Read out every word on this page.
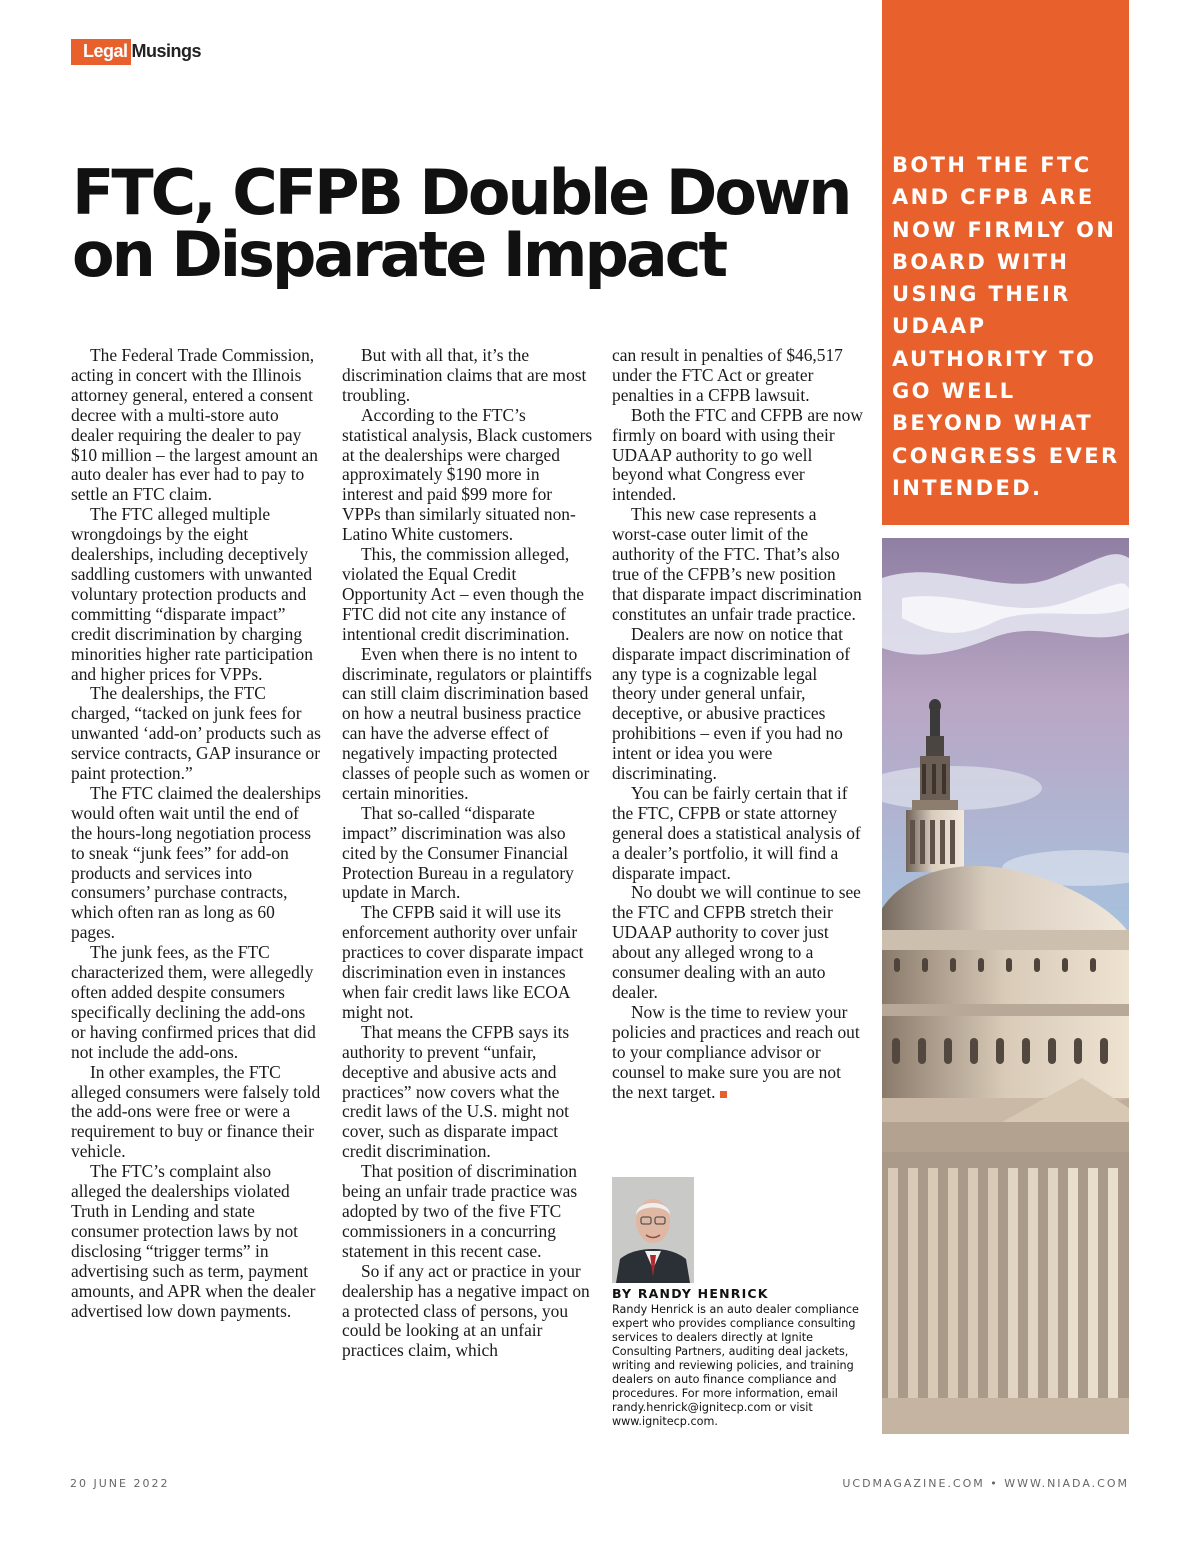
Legal Musings
FTC, CFPB Double Down on Disparate Impact

The Federal Trade Commission, acting in concert with the Illinois attorney general, entered a consent decree with a multi-store auto dealer requiring the dealer to pay $10 million – the largest amount an auto dealer has ever had to pay to settle an FTC claim.

The FTC alleged multiple wrongdoings by the eight dealerships, including deceptively saddling customers with unwanted voluntary protection products and committing “disparate impact” credit discrimination by charging minorities higher rate participation and higher prices for VPPs.

The dealerships, the FTC charged, “tacked on junk fees for unwanted ‘add-on’ products such as service contracts, GAP insurance or paint protection.”

The FTC claimed the dealerships would often wait until the end of the hours-long negotiation process to sneak “junk fees” for add-on products and services into consumers’ purchase contracts, which often ran as long as 60 pages.

The junk fees, as the FTC characterized them, were allegedly often added despite consumers specifically declining the add-ons or having confirmed prices that did not include the add-ons.

In other examples, the FTC alleged consumers were falsely told the add-ons were free or were a requirement to buy or finance their vehicle.

The FTC’s complaint also alleged the dealerships violated Truth in Lending and state consumer protection laws by not disclosing “trigger terms” in advertising such as term, payment amounts, and APR when the dealer advertised low down payments.

But with all that, it’s the discrimination claims that are most troubling.

According to the FTC’s statistical analysis, Black customers at the dealerships were charged approximately $190 more in interest and paid $99 more for VPPs than similarly situated non-Latino White customers.

This, the commission alleged, violated the Equal Credit Opportunity Act – even though the FTC did not cite any instance of intentional credit discrimination.

Even when there is no intent to discriminate, regulators or plaintiffs can still claim discrimination based on how a neutral business practice can have the adverse effect of negatively impacting protected classes of people such as women or certain minorities.

That so-called “disparate impact” discrimination was also cited by the Consumer Financial Protection Bureau in a regulatory update in March.

The CFPB said it will use its enforcement authority over unfair practices to cover disparate impact discrimination even in instances when fair credit laws like ECOA might not.

That means the CFPB says its authority to prevent “unfair, deceptive and abusive acts and practices” now covers what the credit laws of the U.S. might not cover, such as disparate impact credit discrimination.

That position of discrimination being an unfair trade practice was adopted by two of the five FTC commissioners in a concurring statement in this recent case.

So if any act or practice in your dealership has a negative impact on a protected class of persons, you could be looking at an unfair practices claim, which

can result in penalties of $46,517 under the FTC Act or greater penalties in a CFPB lawsuit.

Both the FTC and CFPB are now firmly on board with using their UDAAP authority to go well beyond what Congress ever intended.

This new case represents a worst-case outer limit of the authority of the FTC. That’s also true of the CFPB’s new position that disparate impact discrimination constitutes an unfair trade practice.

Dealers are now on notice that disparate impact discrimination of any type is a cognizable legal theory under general unfair, deceptive, or abusive practices prohibitions – even if you had no intent or idea you were discriminating.

You can be fairly certain that if the FTC, CFPB or state attorney general does a statistical analysis of a dealer’s portfolio, it will find a disparate impact.

No doubt we will continue to see the FTC and CFPB stretch their UDAAP authority to cover just about any alleged wrong to a consumer dealing with an auto dealer.

Now is the time to review your policies and practices and reach out to your compliance advisor or counsel to make sure you are not the next target.

BOTH THE FTC AND CFPB ARE NOW FIRMLY ON BOARD WITH USING THEIR UDAAP AUTHORITY TO GO WELL BEYOND WHAT CONGRESS EVER INTENDED.

BY RANDY HENRICK
Randy Henrick is an auto dealer compliance expert who provides compliance consulting services to dealers directly at Ignite Consulting Partners, auditing deal jackets, writing and reviewing policies, and training dealers on auto finance compliance and procedures. For more information, email randy.henrick@ignitecp.com or visit www.ignitecp.com.
20 JUNE 2022	UCDMAGAZINE.COM • WWW.NIADA.COM
